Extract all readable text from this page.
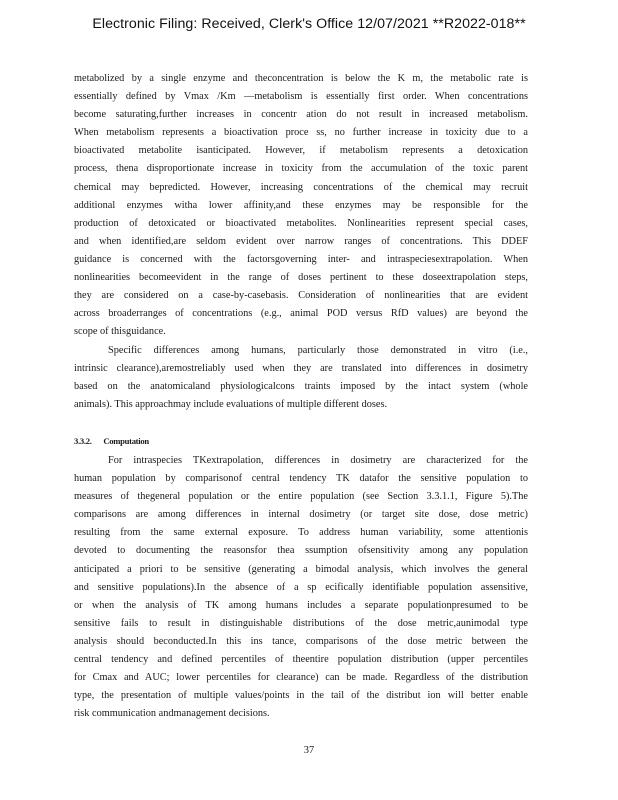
Electronic Filing: Received, Clerk's Office 12/07/2021 **R2022-018**
metabolized by a single enzyme and theconcentration is below the K m, the metabolic rate is
essentially defined by Vmax /Km —metabolism is essentially first order. When concentrations
become saturating,further increases in concentr ation do not result in increased metabolism.
When metabolism represents a bioactivation proce ss, no further increase in toxicity due to a
bioactivated metabolite isanticipated. However, if metabolism represents a detoxication
process, thena disproportionate increase in toxicity from the accumulation of the toxic parent
chemical may bepredicted. However, increasing concentrations of the chemical may recruit
additional enzymes witha lower affinity,and these enzymes may be responsible for the
production of detoxicated or bioactivated metabolites. Nonlinearities represent special cases,
and when identified,are seldom evident over narrow ranges of concentrations. This DDEF
guidance is concerned with the factorsgoverning inter- and intraspeciesextrapolation. When
nonlinearities becomeevident in the range of doses pertinent to these doseextrapolation steps,
they are considered on a case-by-casebasis. Consideration of nonlinearities that are evident
across broaderranges of concentrations (e.g., animal POD versus RfD values) are beyond the
scope of thisguidance.
Specific differences among humans, particularly those demonstrated in vitro (i.e.,
intrinsic clearance),aremostreliably used when they are translated into differences in dosimetry
based on the anatomicaland physiologicalcons traints imposed by the intact system (whole
animals). This approachmay include evaluations of multiple different doses.
3.3.2. Computation
For intraspecies TKextrapolation, differences in dosimetry are characterized for the
human population by comparisonof central tendency TK datafor the sensitive population to
measures of thegeneral population or the entire population (see Section 3.3.1.1, Figure 5).The
comparisons are among differences in internal dosimetry (or target site dose, dose metric)
resulting from the same external exposure. To address human variability, some attentionis
devoted to documenting the reasonsfor thea ssumption ofsensitivity among any population
anticipated a priori to be sensitive (generating a bimodal analysis, which involves the general
and sensitive populations).In the absence of a sp ecifically identifiable population assensitive,
or when the analysis of TK among humans includes a separate populationpresumed to be
sensitive fails to result in distinguishable distributions of the dose metric,aunimodal type
analysis should beconducted.In this ins tance, comparisons of the dose metric between the
central tendency and defined percentiles of theentire population distribution (upper percentiles
for Cmax and AUC; lower percentiles for clearance) can be made. Regardless of the distribution
type, the presentation of multiple values/points in the tail of the distribut ion will better enable
risk communication andmanagement decisions.
37
